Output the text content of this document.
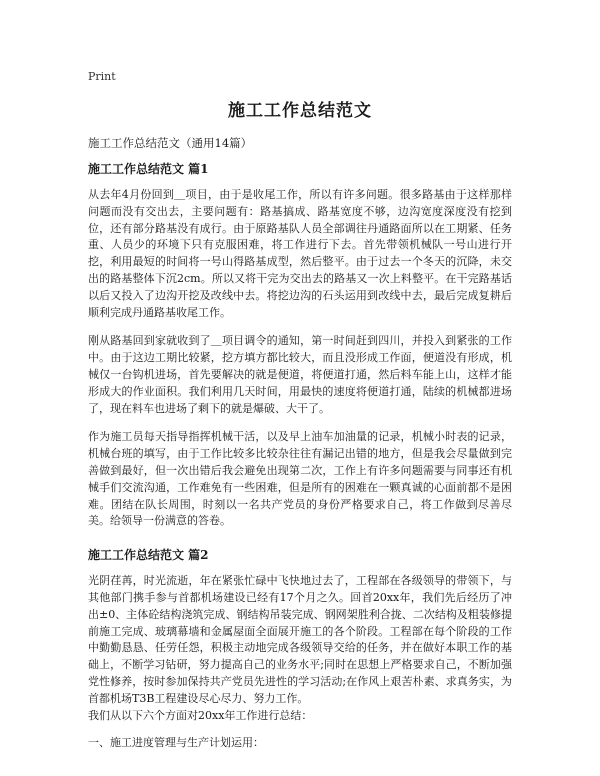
Print
施工工作总结范文
施工工作总结范文（通用14篇）
施工工作总结范文 篇1

从去年4月份回到＿项目，由于是收尾工作，所以有许多问题。很多路基由于这样那样问题而没有交出去，主要问题有：路基搞成、路基宽度不够，边沟宽度深度没有挖到位，还有部分路基没有成行。由于原路基队人员全部调往丹通路面所以在工期紧、任务重、人员少的环境下只有克服困难，将工作进行下去。首先带领机械队一号山进行开挖，利用最短的时间将一号山得路基成型，然后整平。由于过去一个冬天的沉降，未交出的路基整体下沉2cm。所以又将干完为交出去的路基又一次上料整平。在干完路基话以后又投入了边沟开挖及改线中去。将挖边沟的石头运用到改线中去，最后完成复耕后顺利完成丹通路基收尾工作。

刚从路基回到家就收到了＿项目调令的通知，第一时间赶到四川，并投入到紧张的工作中。由于这边工期比较紧，挖方填方都比较大，而且没形成工作面，便道没有形成，机械仅一台钩机进场，首先要解决的就是便道，将便道打通，然后料车能上山，这样才能形成大的作业面积。我们利用几天时间，用最快的速度将便道打通，陆续的机械都进场了，现在料车也进场了剩下的就是爆破、大干了。

作为施工员每天指导指挥机械干活，以及早上油车加油量的记录，机械小时表的记录，机械台班的填写，由于工作比较多比较杂往往有漏记出错的地方，但是我会尽量做到完善做到最好，但一次出错后我会避免出现第二次，工作上有许多问题需要与同事还有机械手们交流沟通，工作难免有一些困难，但是所有的困难在一颗真诚的心面前都不是困难。团结在队长周围，时刻以一名共产党员的身份严格要求自己，将工作做到尽善尽美。给领导一份满意的答卷。

施工工作总结范文 篇2

光阴荏苒，时光流逝，年在紧张忙碌中飞快地过去了，工程部在各级领导的带领下，与其他部门携手参与首都机场建设已经有17个月之久。回首20xx年，我们先后经历了冲出±0、主体砼结构浇筑完成、钢结构吊装完成、钢网架胜利合拢、二次结构及粗装修提前施工完成、玻璃幕墙和金属屋面全面展开施工的各个阶段。工程部在每个阶段的工作中勤勤恳恳、任劳任怨，积极主动地完成各级领导交给的任务，并在做好本职工作的基础上，不断学习钻研，努力提高自己的业务水平;同时在思想上严格要求自己，不断加强党性修养，按时参加保持共产党员先进性的学习活动;在作风上艰苦朴素、求真务实，为首都机场T3B工程建设尽心尽力、努力工作。

我们从以下六个方面对20xx年工作进行总结：
一、施工进度管理与生产计划运用：
